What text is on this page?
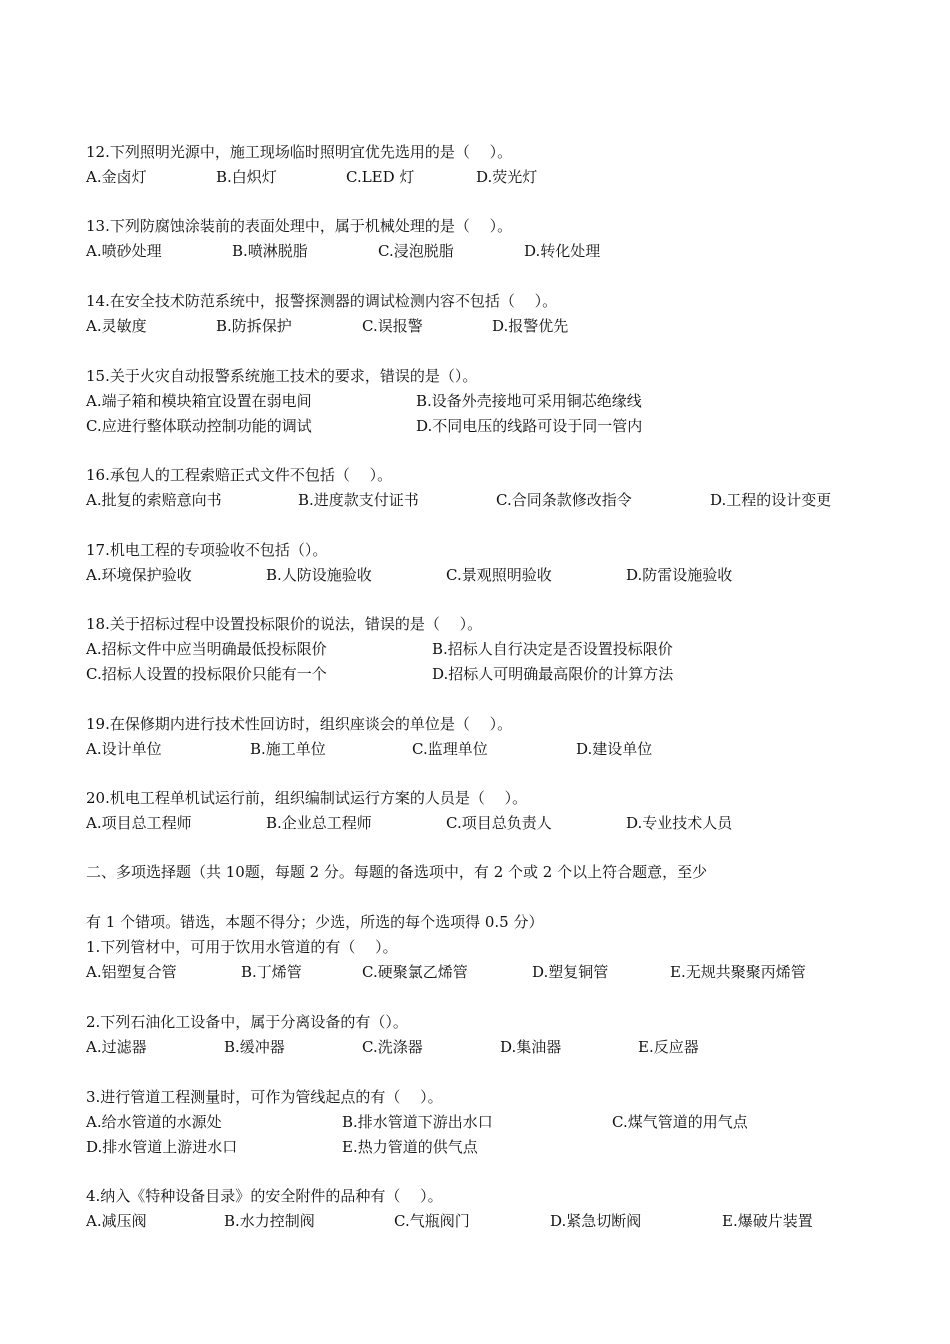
12.下列照明光源中，施工现场临时照明宜优先选用的是（　 ）。
A.金卤灯	B.白炽灯	C.LED 灯	D.荧光灯
13.下列防腐蚀涂装前的表面处理中，属于机械处理的是（　 ）。
A.喷砂处理	B.喷淋脱脂	C.浸泡脱脂	D.转化处理
14.在安全技术防范系统中，报警探测器的调试检测内容不包括（　 ）。
A.灵敏度	B.防拆保护	C.误报警	D.报警优先
15.关于火灾自动报警系统施工技术的要求，错误的是（）。
A.端子箱和模块箱宜设置在弱电间	B.设备外壳接地可采用铜芯绝缘线
C.应进行整体联动控制功能的调试	D.不同电压的线路可设于同一管内
16.承包人的工程索赔正式文件不包括（　 ）。
A.批复的索赔意向书	B.进度款支付证书	C.合同条款修改指令	D.工程的设计变更
17.机电工程的专项验收不包括（）。
A.环境保护验收	B.人防设施验收	C.景观照明验收	D.防雷设施验收
18.关于招标过程中设置投标限价的说法，错误的是（　 ）。
A.招标文件中应当明确最低投标限价	B.招标人自行决定是否设置投标限价
C.招标人设置的投标限价只能有一个	D.招标人可明确最高限价的计算方法
19.在保修期内进行技术性回访时，组织座谈会的单位是（　 ）。
A.设计单位	B.施工单位	C.监理单位	D.建设单位
20.机电工程单机试运行前，组织编制试运行方案的人员是（　 ）。
A.项目总工程师	B.企业总工程师	C.项目总负责人	D.专业技术人员
二、多项选择题（共 10题，每题 2 分。每题的备选项中，有 2 个或 2 个以上符合题意，至少
有 1 个错项。错选，本题不得分；少选，所选的每个选项得 0.5 分）
1.下列管材中，可用于饮用水管道的有（　 ）。
A.铝塑复合管	B.丁烯管	C.硬聚氯乙烯管	D.塑复铜管	E.无规共聚聚丙烯管
2.下列石油化工设备中，属于分离设备的有（）。
A.过滤器	B.缓冲器	C.洗涤器	D.集油器	E.反应器
3.进行管道工程测量时，可作为管线起点的有（　 ）。
A.给水管道的水源处	B.排水管道下游出水口	C.煤气管道的用气点
D.排水管道上游进水口	E.热力管道的供气点
4.纳入《特种设备目录》的安全附件的品种有（　 ）。
A.减压阀	B.水力控制阀	C.气瓶阀门	D.紧急切断阀	E.爆破片装置
